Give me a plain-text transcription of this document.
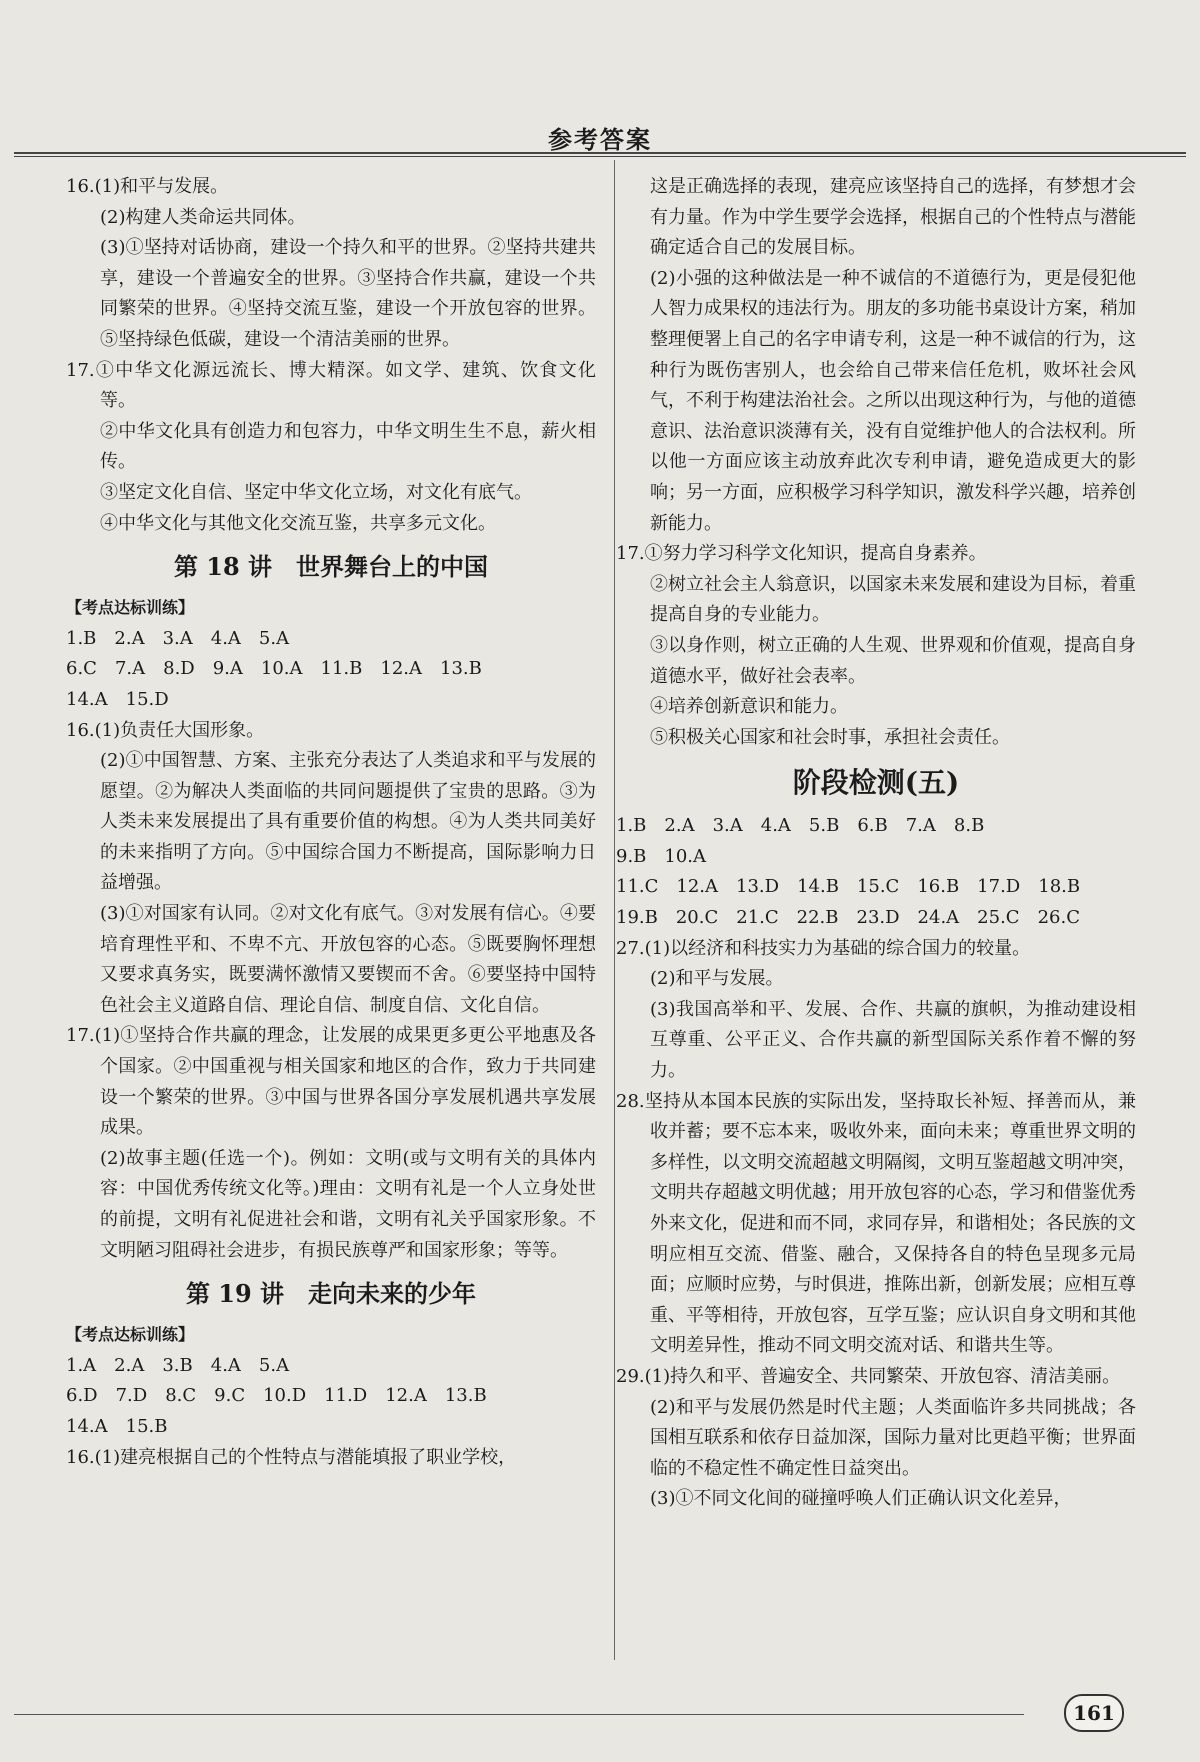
参考答案
16.(1)和平与发展。
(2)构建人类命运共同体。
(3)①坚持对话协商，建设一个持久和平的世界。②坚持共建共享，建设一个普遍安全的世界。③坚持合作共赢，建设一个共同繁荣的世界。④坚持交流互鉴，建设一个开放包容的世界。⑤坚持绿色低碳，建设一个清洁美丽的世界。
17.①中华文化源远流长、博大精深。如文学、建筑、饮食文化等。
②中华文化具有创造力和包容力，中华文明生生不息，薪火相传。
③坚定文化自信、坚定中华文化立场，对文化有底气。
④中华文化与其他文化交流互鉴，共享多元文化。
第 18 讲　世界舞台上的中国
【考点达标训练】
1.B　2.A　3.A　4.A　5.A
6.C　7.A　8.D　9.A　10.A　11.B　12.A　13.B
14.A　15.D
16.(1)负责任大国形象。
(2)①中国智慧、方案、主张充分表达了人类追求和平与发展的愿望。②为解决人类面临的共同问题提供了宝贵的思路。③为人类未来发展提出了具有重要价值的构想。④为人类共同美好的未来指明了方向。⑤中国综合国力不断提高，国际影响力日益增强。
(3)①对国家有认同。②对文化有底气。③对发展有信心。④要培育理性平和、不卑不亢、开放包容的心态。⑤既要胸怀理想又要求真务实，既要满怀激情又要锲而不舍。⑥要坚持中国特色社会主义道路自信、理论自信、制度自信、文化自信。
17.(1)①坚持合作共赢的理念，让发展的成果更多更公平地惠及各个国家。②中国重视与相关国家和地区的合作，致力于共同建设一个繁荣的世界。③中国与世界各国分享发展机遇共享发展成果。
(2)故事主题(任选一个)。例如：文明(或与文明有关的具体内容：中国优秀传统文化等。)理由：文明有礼是一个人立身处世的前提，文明有礼促进社会和谐，文明有礼关乎国家形象。不文明陋习阻碍社会进步，有损民族尊严和国家形象；等等。
第 19 讲　走向未来的少年
【考点达标训练】
1.A　2.A　3.B　4.A　5.A
6.D　7.D　8.C　9.C　10.D　11.D　12.A　13.B
14.A　15.B
16.(1)建亮根据自己的个性特点与潜能填报了职业学校，
这是正确选择的表现，建亮应该坚持自己的选择，有梦想才会有力量。作为中学生要学会选择，根据自己的个性特点与潜能确定适合自己的发展目标。
(2)小强的这种做法是一种不诚信的不道德行为，更是侵犯他人智力成果权的违法行为。朋友的多功能书桌设计方案，稍加整理便署上自己的名字申请专利，这是一种不诚信的行为，这种行为既伤害别人，也会给自己带来信任危机，败坏社会风气，不利于构建法治社会。之所以出现这种行为，与他的道德意识、法治意识淡薄有关，没有自觉维护他人的合法权利。所以他一方面应该主动放弃此次专利申请，避免造成更大的影响；另一方面，应积极学习科学知识，激发科学兴趣，培养创新能力。
17.①努力学习科学文化知识，提高自身素养。
②树立社会主人翁意识，以国家未来发展和建设为目标，着重提高自身的专业能力。
③以身作则，树立正确的人生观、世界观和价值观，提高自身道德水平，做好社会表率。
④培养创新意识和能力。
⑤积极关心国家和社会时事，承担社会责任。
阶段检测(五)
1.B　2.A　3.A　4.A　5.B　6.B　7.A　8.B
9.B　10.A
11.C　12.A　13.D　14.B　15.C　16.B　17.D　18.B
19.B　20.C　21.C　22.B　23.D　24.A　25.C　26.C
27.(1)以经济和科技实力为基础的综合国力的较量。
(2)和平与发展。
(3)我国高举和平、发展、合作、共赢的旗帜，为推动建设相互尊重、公平正义、合作共赢的新型国际关系作着不懈的努力。
28.坚持从本国本民族的实际出发，坚持取长补短、择善而从，兼收并蓄；要不忘本来，吸收外来，面向未来；尊重世界文明的多样性，以文明交流超越文明隔阂，文明互鉴超越文明冲突，文明共存超越文明优越；用开放包容的心态，学习和借鉴优秀外来文化，促进和而不同，求同存异，和谐相处；各民族的文明应相互交流、借鉴、融合，又保持各自的特色呈现多元局面；应顺时应势，与时俱进，推陈出新，创新发展；应相互尊重、平等相待，开放包容，互学互鉴；应认识自身文明和其他文明差异性，推动不同文明交流对话、和谐共生等。
29.(1)持久和平、普遍安全、共同繁荣、开放包容、清洁美丽。
(2)和平与发展仍然是时代主题；人类面临许多共同挑战；各国相互联系和依存日益加深，国际力量对比更趋平衡；世界面临的不稳定性不确定性日益突出。
(3)①不同文化间的碰撞呼唤人们正确认识文化差异，
161
